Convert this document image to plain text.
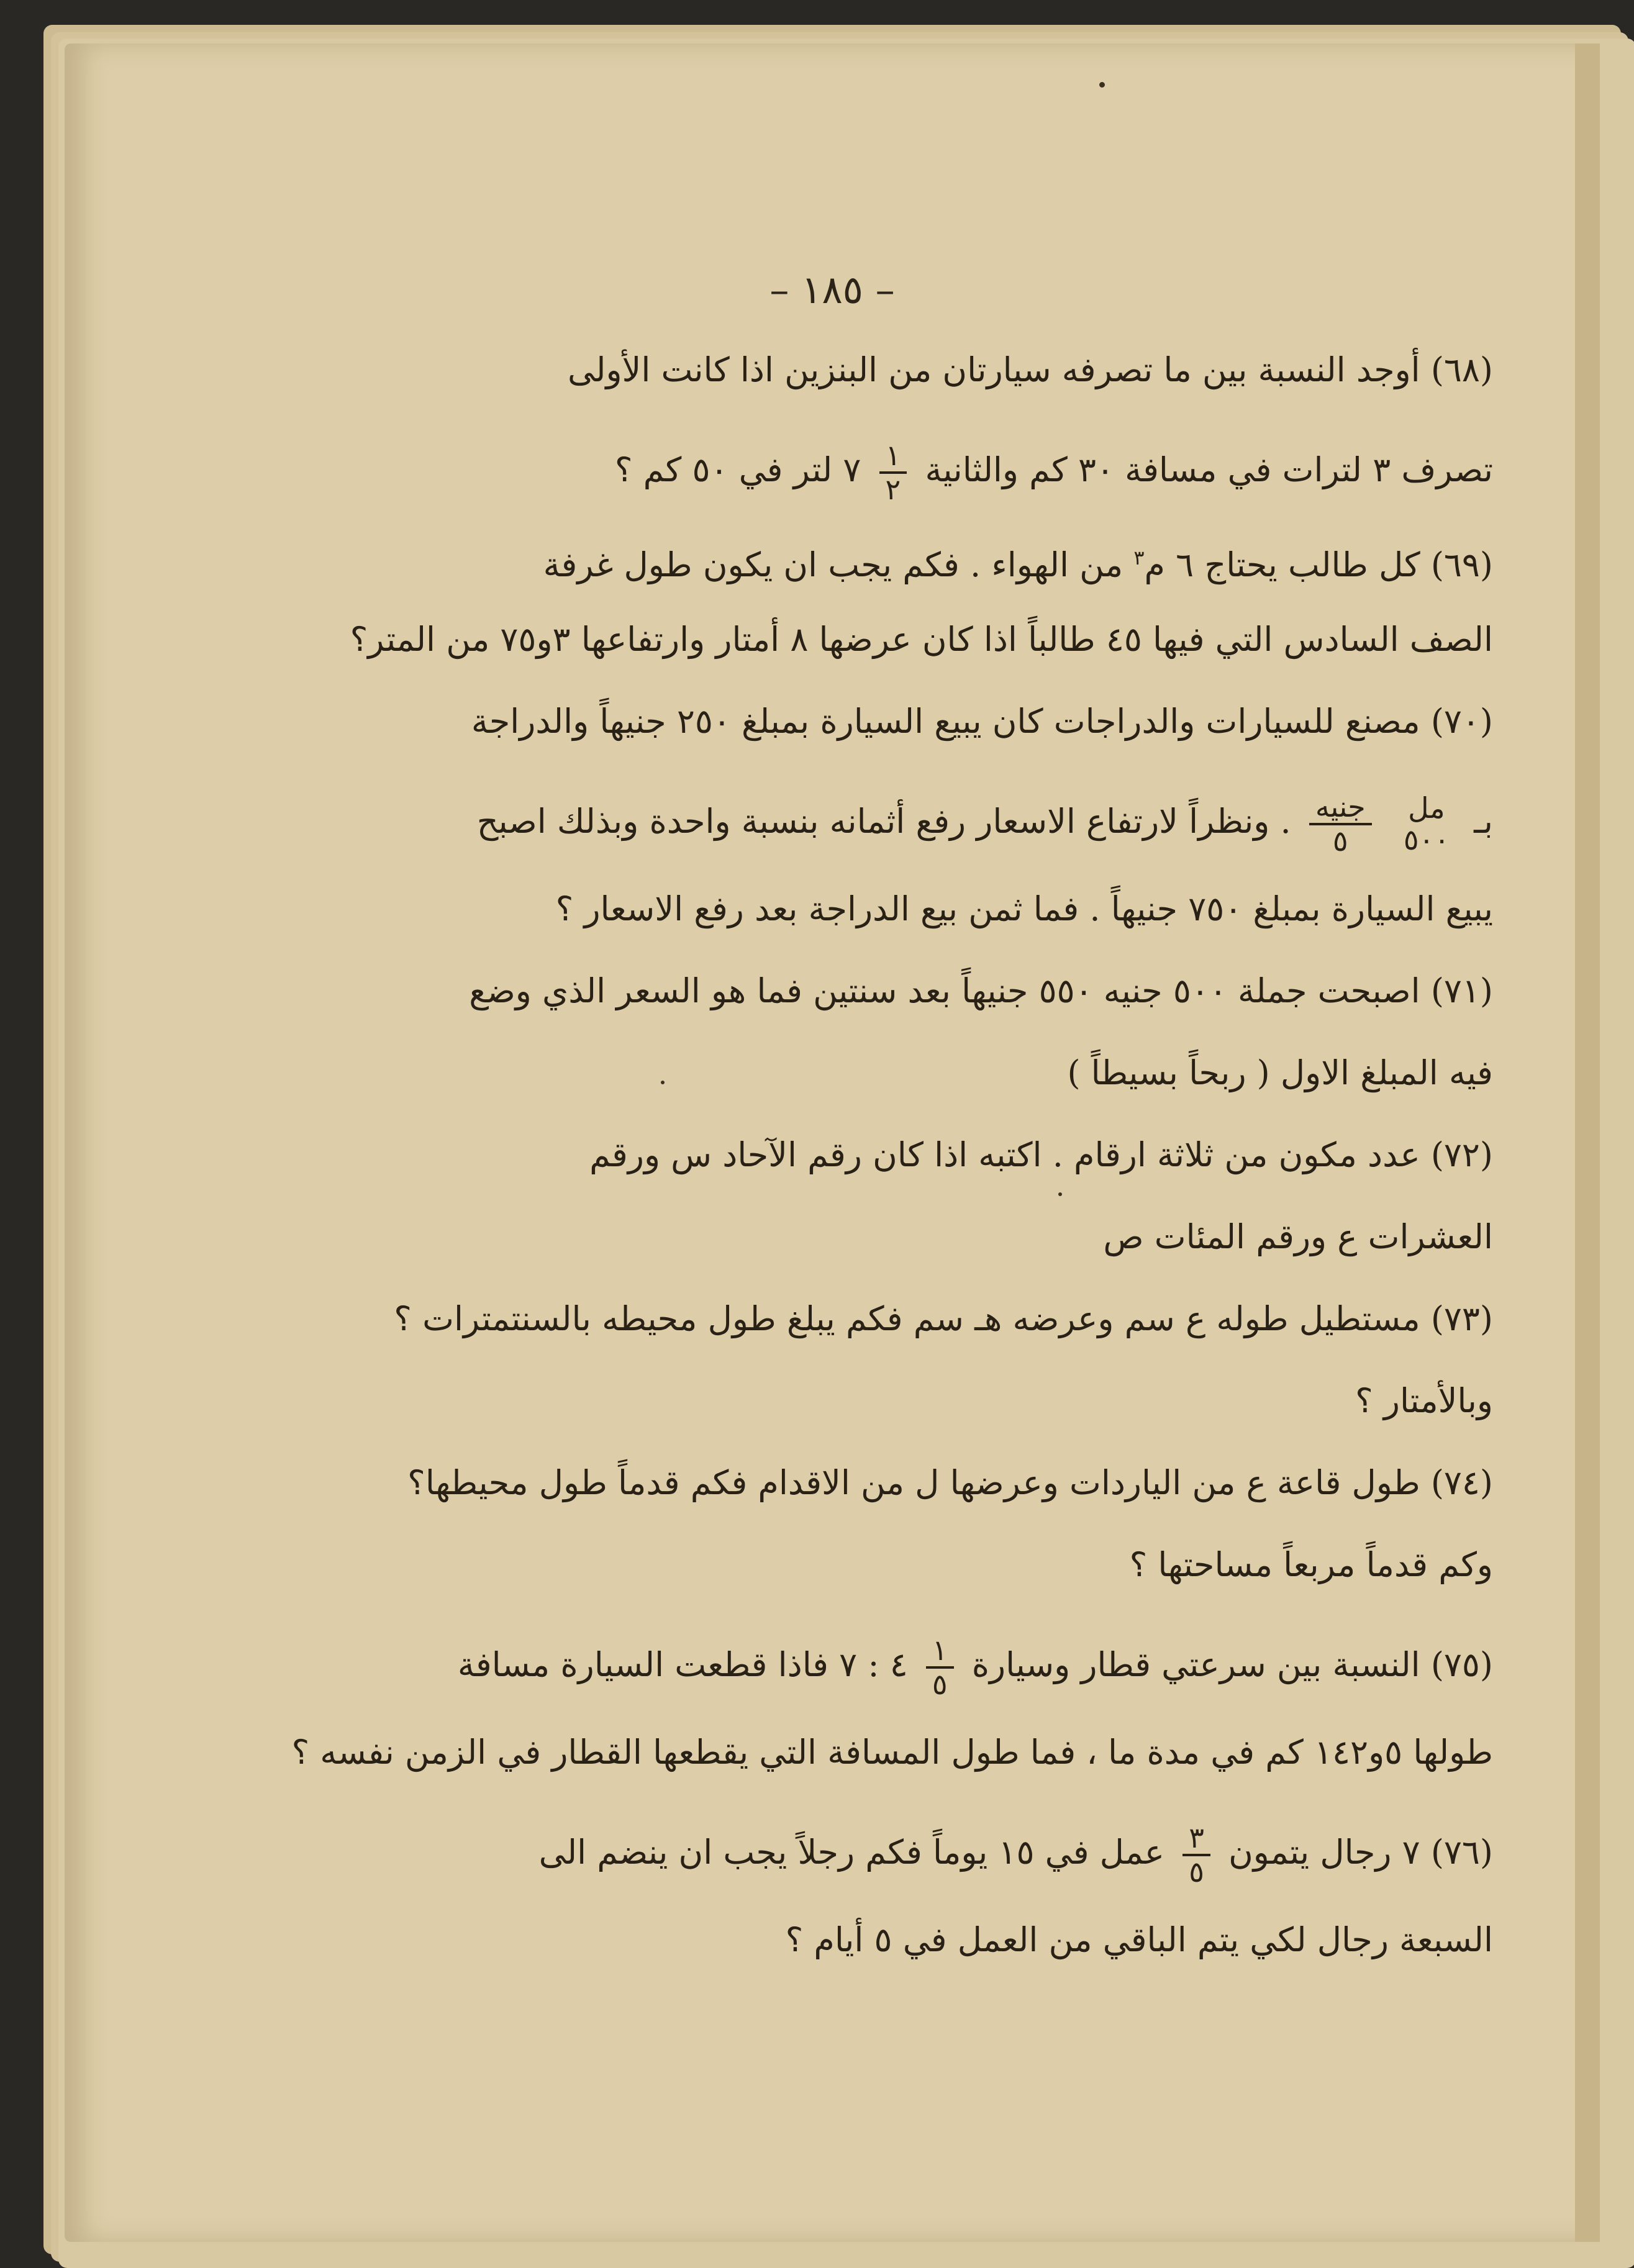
– ١٨٥ –
(٦٨) أوجد النسبة بين ما تصرفه سيارتان من البنزين اذا كانت الأولى
تصرف ٣ لترات في مسافة ٣٠ كم والثانية
$\frac{١}{٢}$
٧ لتر في ٥٠ كم ؟
(٦٩) كل طالب يحتاج ٦ م$^٣$ من الهواء . فكم يجب ان يكون طول غرفة
الصف السادس التي فيها ٤٥ طالباً اذا كان عرضها ٨ أمتار وارتفاعها ٣و٧٥ من المتر؟
(٧٠) مصنع للسيارات والدراجات كان يبيع السيارة بمبلغ ٢٥٠ جنيهاً والدراجة
بـ
مل
٥٠٠

$\frac{\text{جنيه}}{٥}$
. ونظراً لارتفاع الاسعار رفع أثمانه بنسبة واحدة وبذلك اصبح
يبيع السيارة بمبلغ ٧٥٠ جنيهاً . فما ثمن بيع الدراجة بعد رفع الاسعار ؟
(٧١) اصبحت جملة ٥٠٠ جنيه ٥٥٠ جنيهاً بعد سنتين فما هو السعر الذي وضع
فيه المبلغ الاول ( ربحاً بسيطاً )
(٧٢) عدد مكون من ثلاثة ارقام . اكتبه اذا كان رقم الآحاد س ورقم
العشرات ع ورقم المئات ص
(٧٣) مستطيل طوله ع سم وعرضه هـ سم فكم يبلغ طول محيطه بالسنتمترات ؟
وبالأمتار ؟
(٧٤) طول قاعة ع من الياردات وعرضها ل من الاقدام فكم قدماً طول محيطها؟
وكم قدماً مربعاً مساحتها ؟
(٧٥) النسبة بين سرعتي قطار وسيارة
$\frac{١}{٥}$
٤ : ٧ فاذا قطعت السيارة مسافة
طولها ٥و١٤٢ كم في مدة ما ، فما طول المسافة التي يقطعها القطار في الزمن نفسه ؟
(٧٦) ٧ رجال يتمون
$\frac{٣}{٥}$
عمل في ١٥ يوماً فكم رجلاً يجب ان ينضم الى
السبعة رجال لكي يتم الباقي من العمل في ٥ أيام ؟
